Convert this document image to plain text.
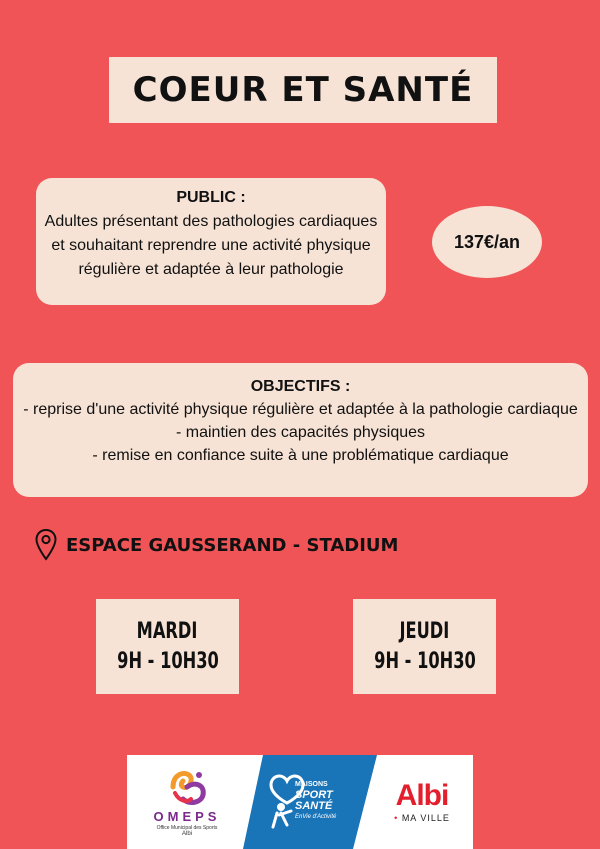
COEUR ET SANTÉ
PUBLIC :
Adultes présentant des pathologies cardiaques et souhaitant reprendre une activité physique régulière et adaptée à leur pathologie
137€/an
OBJECTIFS :
- reprise d'une activité physique régulière et adaptée à la pathologie cardiaque
- maintien des capacités physiques
- remise en confiance suite à une problématique cardiaque
ESPACE GAUSSERAND - STADIUM
MARDI
9H - 10H30
JEUDI
9H - 10H30
OMEPS
Office Municipal des Sports
Albi
MAISONS
SPORT
SANTÉ
EnVie d'Activité
Albi
• MA VILLE
